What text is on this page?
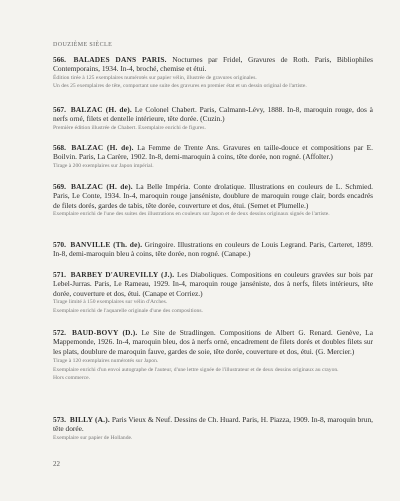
DOUZIÈME SIÈCLE

566. BALADES DANS PARIS. Nocturnes par Fridel, Gravures de Roth. Paris, Bibliophiles Contemporains, 1934. In-4, broché, chemise et étui.

Édition tirée à 125 exemplaires numérotés sur papier vélin, illustrée de gravures originales.

Un des 25 exemplaires de tête, comportant une suite des gravures en premier état et un dessin original de l'artiste.

567. BALZAC (H. de). Le Colonel Chabert. Paris, Calmann-Lévy, 1888. In-8, maroquin rouge, dos à nerfs orné, filets et dentelle intérieure, tête dorée. (Cuzin.)

Première édition illustrée de Chabert. Exemplaire enrichi de figures.

568. BALZAC (H. de). La Femme de Trente Ans. Gravures en taille-douce et compositions par E. Boilvin. Paris, La Carère, 1902. In-8, demi-maroquin à coins, tête dorée, non rogné. (Affolter.)

Tirage à 200 exemplaires sur Japon impérial.

569. BALZAC (H. de). La Belle Impéria. Conte drolatique. Illustrations en couleurs de L. Schmied. Paris, Le Conte, 1934. In-4, maroquin rouge janséniste, doublure de maroquin rouge clair, bords encadrés de filets dorés, gardes de tabis, tête dorée, couverture et dos, étui. (Semet et Plumelle.)

Exemplaire enrichi de l'une des suites des illustrations en couleurs sur Japon et de deux dessins originaux signés de l'artiste.

570. BANVILLE (Th. de). Gringoire. Illustrations en couleurs de Louis Legrand. Paris, Carteret, 1899. In-8, demi-maroquin bleu à coins, tête dorée, non rogné. (Canape.)

571. BARBEY D'AUREVILLY (J.). Les Diaboliques. Compositions en couleurs gravées sur bois par Lebel-Jurras. Paris, Le Rameau, 1929. In-4, maroquin rouge janséniste, dos à nerfs, filets intérieurs, tête dorée, couverture et dos, étui. (Canape et Corriez.)

Tirage limité à 150 exemplaires sur vélin d'Arches.

Exemplaire enrichi de l'aquarelle originale d'une des compositions.

572. BAUD-BOVY (D.). Le Site de Stradlingen. Compositions de Albert G. Renard. Genève, La Mappemonde, 1926. In-4, maroquin bleu, dos à nerfs orné, encadrement de filets dorés et doubles filets sur les plats, doublure de maroquin fauve, gardes de soie, tête dorée, couverture et dos, étui. (G. Mercier.)

Tirage à 120 exemplaires numérotés sur Japon.

Exemplaire enrichi d'un envoi autographe de l'auteur, d'une lettre signée de l'illustrateur et de deux dessins originaux au crayon.

Hors commerce.

573. BILLY (A.). Paris Vieux & Neuf. Dessins de Ch. Huard. Paris, H. Piazza, 1909. In-8, maroquin brun, tête dorée.

Exemplaire sur papier de Hollande.

22
